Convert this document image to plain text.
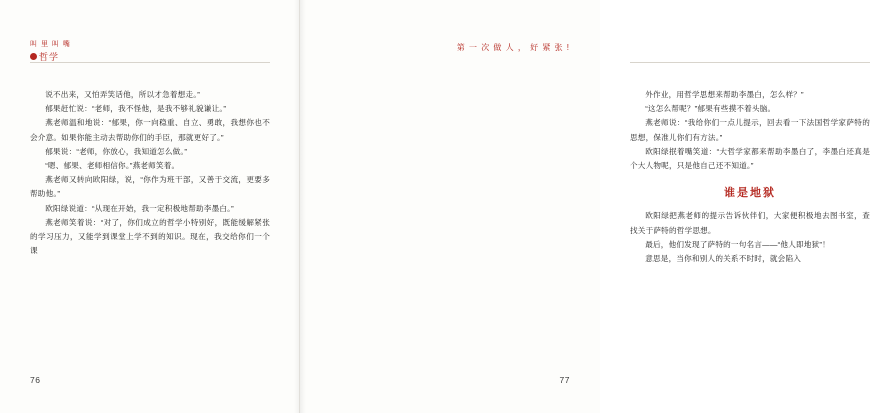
叫 里 叫 嘴
哲学

说不出来，又怕弄笑话他，所以才急着想走。”

郁果赶忙说：“老师，我不怪他，是我不够礼貌谦让。”

燕老师温和地说：“郁果，你一向稳重、自立、勇敢，我想你也不会介意。如果你能主动去帮助你们的手臣，那就更好了。”

郁果说：“老师，你放心，我知道怎么做。”

“嗯、郁果、老师相信你。”燕老师笑着。

燕老师又转向欧阳绿，说，“你作为班干部，又善于交流，更要多帮助他。”

欧阳绿说道：“从现在开始，我一定积极地帮助李墨白。”

燕老师笑着说：“对了，你们成立的哲学小特别好，既能缓解紧张的学习压力，又能学到课堂上学不到的知识。现在，我交给你们一个课

76
第 一 次 做 人 ， 好 紧 张 !

外作业，用哲学思想来帮助李墨白，怎么样？”

“这怎么帮呢？”郁果有些摸不着头脑。

燕老师说：“我给你们一点儿提示，回去看一下法国哲学家萨特的思想，保准儿你们有方法。”

欧阳绿抿着嘴笑道：“大哲学家都来帮助李墨白了，李墨白还真是个大人物呢，只是他自己还不知道。”

谁是地狱

欧阳绿把燕老师的提示告诉伙伴们，大家便积极地去图书室，查找关于萨特的哲学思想。

最后，他们发现了萨特的一句名言——“他人即地狱”！

意思是，当你和别人的关系不时时，就会陷入

77
